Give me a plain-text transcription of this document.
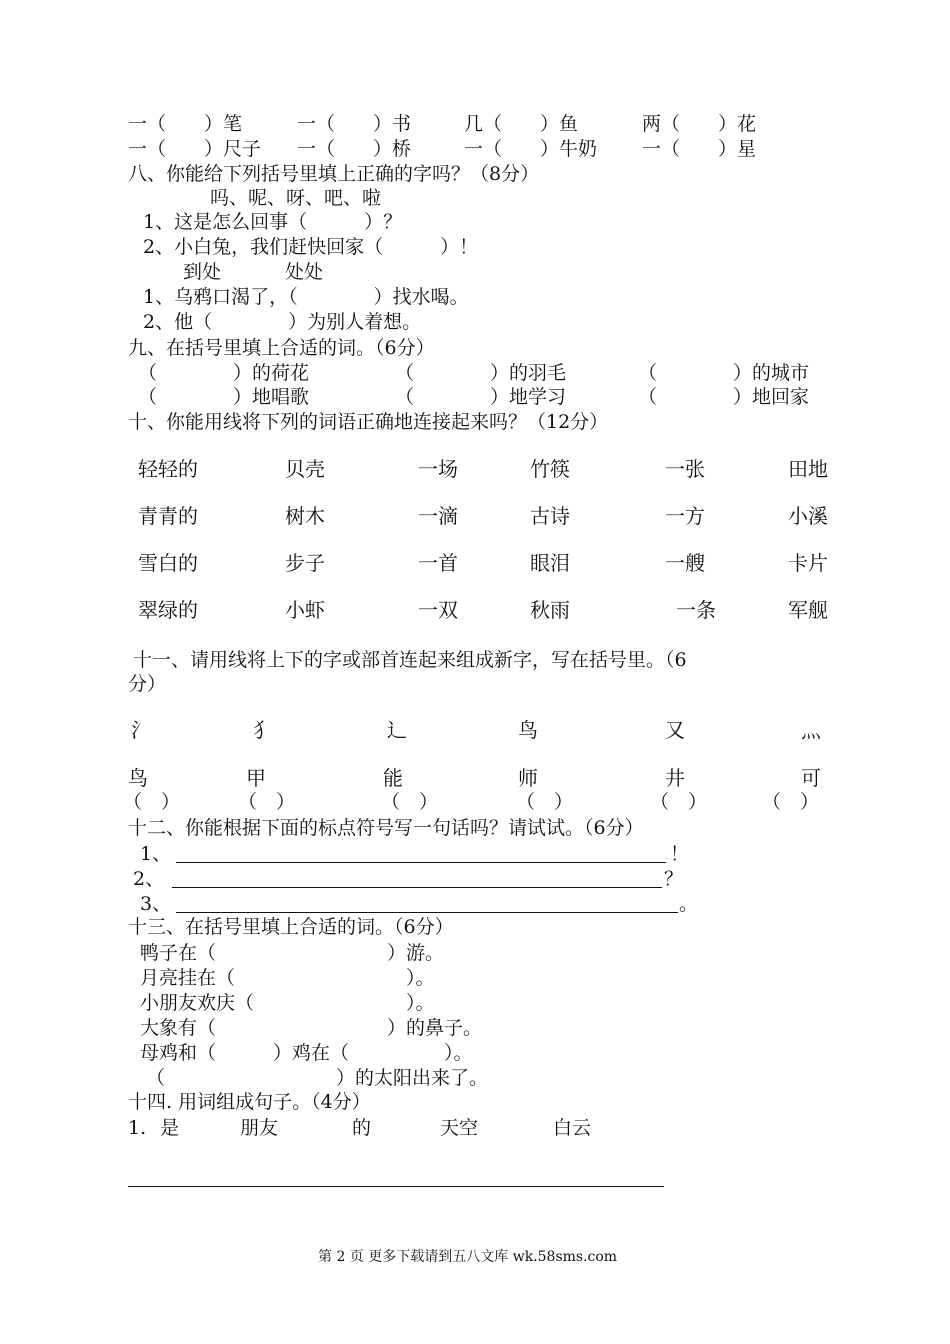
一（　　）笔	一（　　）书	几（　　）鱼	两（　　）花
一（　　）尺子 一（　　）桥	一（　　）牛奶 一（　　）星
八、你能给下列括号里填上正确的字吗？（8分）
吗、呢、呀、吧、啦
1、这是怎么回事（　　　）？
2、小白兔，我们赶快回家（　　　）！
到处	处处
1、乌鸦口渴了，（　　　　）找水喝。
2、他（　　　　）为别人着想。
九、在括号里填上合适的词。（6分）
（　　　　）的荷花	（　　　　）的羽毛	（　　　　）的城市
（　　　　）地唱歌	（　　　　）地学习	（　　　　）地回家
十、你能用线将下列的词语正确地连接起来吗？（12分）
轻轻的	贝壳	一场	竹筷	一张	田地
青青的	树木	一滴	古诗	一方	小溪
雪白的	步子	一首	眼泪	一艘	卡片
翠绿的	小虾	一双	秋雨	一条	军舰
十一、请用线将上下的字或部首连起来组成新字，写在括号里。（6
分）
氵	犭	辶	鸟	又	灬
鸟	甲	能	师	井	可
（　）	（　）	（　）	（　）	（　）	（　）
十二、你能根据下面的标点符号写一句话吗？请试试。（6分）
1、	！
2、	？
3、	。
十三、在括号里填上合适的词。（6分）
鸭子在（　　　　　　　　　）游。
月亮挂在（　　　　　　　　　）。
小朋友欢庆（　　　　　　　　）。
大象有（　　　　　　　　　）的鼻子。
母鸡和（　　　）鸡在（　　　　　）。
（　　　　　　　　　）的太阳出来了。
十四. 用词组成句子。（4分）
1. 是	朋友	的	天空	白云
第 2 页 更多下载请到五八文库 wk.58sms.com
